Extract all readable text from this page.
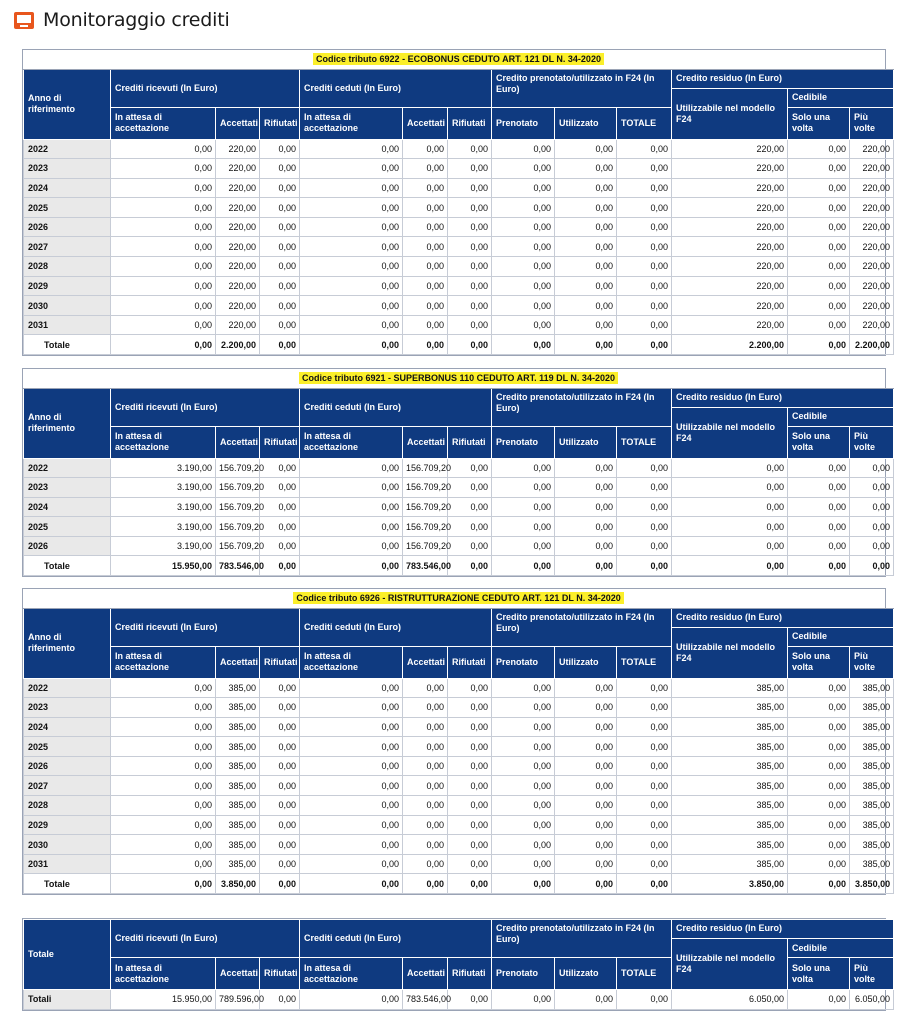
Monitoraggio crediti
Codice tributo 6922 - ECOBONUS CEDUTO ART. 121 DL N. 34-2020												
Anno di riferimento	Crediti ricevuti (In Euro)			Crediti ceduti (In Euro)			Credito prenotato/utilizzato in F24 (In Euro)			Credito residuo (In Euro)		
										Utilizzabile nel modello F24	Cedibile	
	In attesa di accettazione	Accettati	Rifiutati	In attesa di accettazione	Accettati	Rifiutati	Prenotato	Utilizzato	TOTALE		Solo una volta	Più volte
2022	0,00	220,00	0,00	0,00	0,00	0,00	0,00	0,00	0,00	220,00	0,00	220,00
2023	0,00	220,00	0,00	0,00	0,00	0,00	0,00	0,00	0,00	220,00	0,00	220,00
2024	0,00	220,00	0,00	0,00	0,00	0,00	0,00	0,00	0,00	220,00	0,00	220,00
2025	0,00	220,00	0,00	0,00	0,00	0,00	0,00	0,00	0,00	220,00	0,00	220,00
2026	0,00	220,00	0,00	0,00	0,00	0,00	0,00	0,00	0,00	220,00	0,00	220,00
2027	0,00	220,00	0,00	0,00	0,00	0,00	0,00	0,00	0,00	220,00	0,00	220,00
2028	0,00	220,00	0,00	0,00	0,00	0,00	0,00	0,00	0,00	220,00	0,00	220,00
2029	0,00	220,00	0,00	0,00	0,00	0,00	0,00	0,00	0,00	220,00	0,00	220,00
2030	0,00	220,00	0,00	0,00	0,00	0,00	0,00	0,00	0,00	220,00	0,00	220,00
2031	0,00	220,00	0,00	0,00	0,00	0,00	0,00	0,00	0,00	220,00	0,00	220,00
Totale	0,00	2.200,00	0,00	0,00	0,00	0,00	0,00	0,00	0,00	2.200,00	0,00	2.200,00
Codice tributo 6921 - SUPERBONUS 110 CEDUTO ART. 119 DL N. 34-2020												
Anno di riferimento	Crediti ricevuti (In Euro)			Crediti ceduti (In Euro)			Credito prenotato/utilizzato in F24 (In Euro)			Credito residuo (In Euro)		
										Utilizzabile nel modello F24	Cedibile	
	In attesa di accettazione	Accettati	Rifiutati	In attesa di accettazione	Accettati	Rifiutati	Prenotato	Utilizzato	TOTALE		Solo una volta	Più volte
2022	3.190,00	156.709,20	0,00	0,00	156.709,20	0,00	0,00	0,00	0,00	0,00	0,00	0,00
2023	3.190,00	156.709,20	0,00	0,00	156.709,20	0,00	0,00	0,00	0,00	0,00	0,00	0,00
2024	3.190,00	156.709,20	0,00	0,00	156.709,20	0,00	0,00	0,00	0,00	0,00	0,00	0,00
2025	3.190,00	156.709,20	0,00	0,00	156.709,20	0,00	0,00	0,00	0,00	0,00	0,00	0,00
2026	3.190,00	156.709,20	0,00	0,00	156.709,20	0,00	0,00	0,00	0,00	0,00	0,00	0,00
Totale	15.950,00	783.546,00	0,00	0,00	783.546,00	0,00	0,00	0,00	0,00	0,00	0,00	0,00
Codice tributo 6926 - RISTRUTTURAZIONE CEDUTO ART. 121 DL N. 34-2020												
Anno di riferimento	Crediti ricevuti (In Euro)			Crediti ceduti (In Euro)			Credito prenotato/utilizzato in F24 (In Euro)			Credito residuo (In Euro)		
										Utilizzabile nel modello F24	Cedibile	
	In attesa di accettazione	Accettati	Rifiutati	In attesa di accettazione	Accettati	Rifiutati	Prenotato	Utilizzato	TOTALE		Solo una volta	Più volte
2022	0,00	385,00	0,00	0,00	0,00	0,00	0,00	0,00	0,00	385,00	0,00	385,00
2023	0,00	385,00	0,00	0,00	0,00	0,00	0,00	0,00	0,00	385,00	0,00	385,00
2024	0,00	385,00	0,00	0,00	0,00	0,00	0,00	0,00	0,00	385,00	0,00	385,00
2025	0,00	385,00	0,00	0,00	0,00	0,00	0,00	0,00	0,00	385,00	0,00	385,00
2026	0,00	385,00	0,00	0,00	0,00	0,00	0,00	0,00	0,00	385,00	0,00	385,00
2027	0,00	385,00	0,00	0,00	0,00	0,00	0,00	0,00	0,00	385,00	0,00	385,00
2028	0,00	385,00	0,00	0,00	0,00	0,00	0,00	0,00	0,00	385,00	0,00	385,00
2029	0,00	385,00	0,00	0,00	0,00	0,00	0,00	0,00	0,00	385,00	0,00	385,00
2030	0,00	385,00	0,00	0,00	0,00	0,00	0,00	0,00	0,00	385,00	0,00	385,00
2031	0,00	385,00	0,00	0,00	0,00	0,00	0,00	0,00	0,00	385,00	0,00	385,00
Totale	0,00	3.850,00	0,00	0,00	0,00	0,00	0,00	0,00	0,00	3.850,00	0,00	3.850,00
Totale	Crediti ricevuti (In Euro)			Crediti ceduti (In Euro)			Credito prenotato/utilizzato in F24 (In Euro)			Credito residuo (In Euro)		
										Utilizzabile nel modello F24	Cedibile	
	In attesa di accettazione	Accettati	Rifiutati	In attesa di accettazione	Accettati	Rifiutati	Prenotato	Utilizzato	TOTALE		Solo una volta	Più volte
Totali	15.950,00	789.596,00	0,00	0,00	783.546,00	0,00	0,00	0,00	0,00	6.050,00	0,00	6.050,00
